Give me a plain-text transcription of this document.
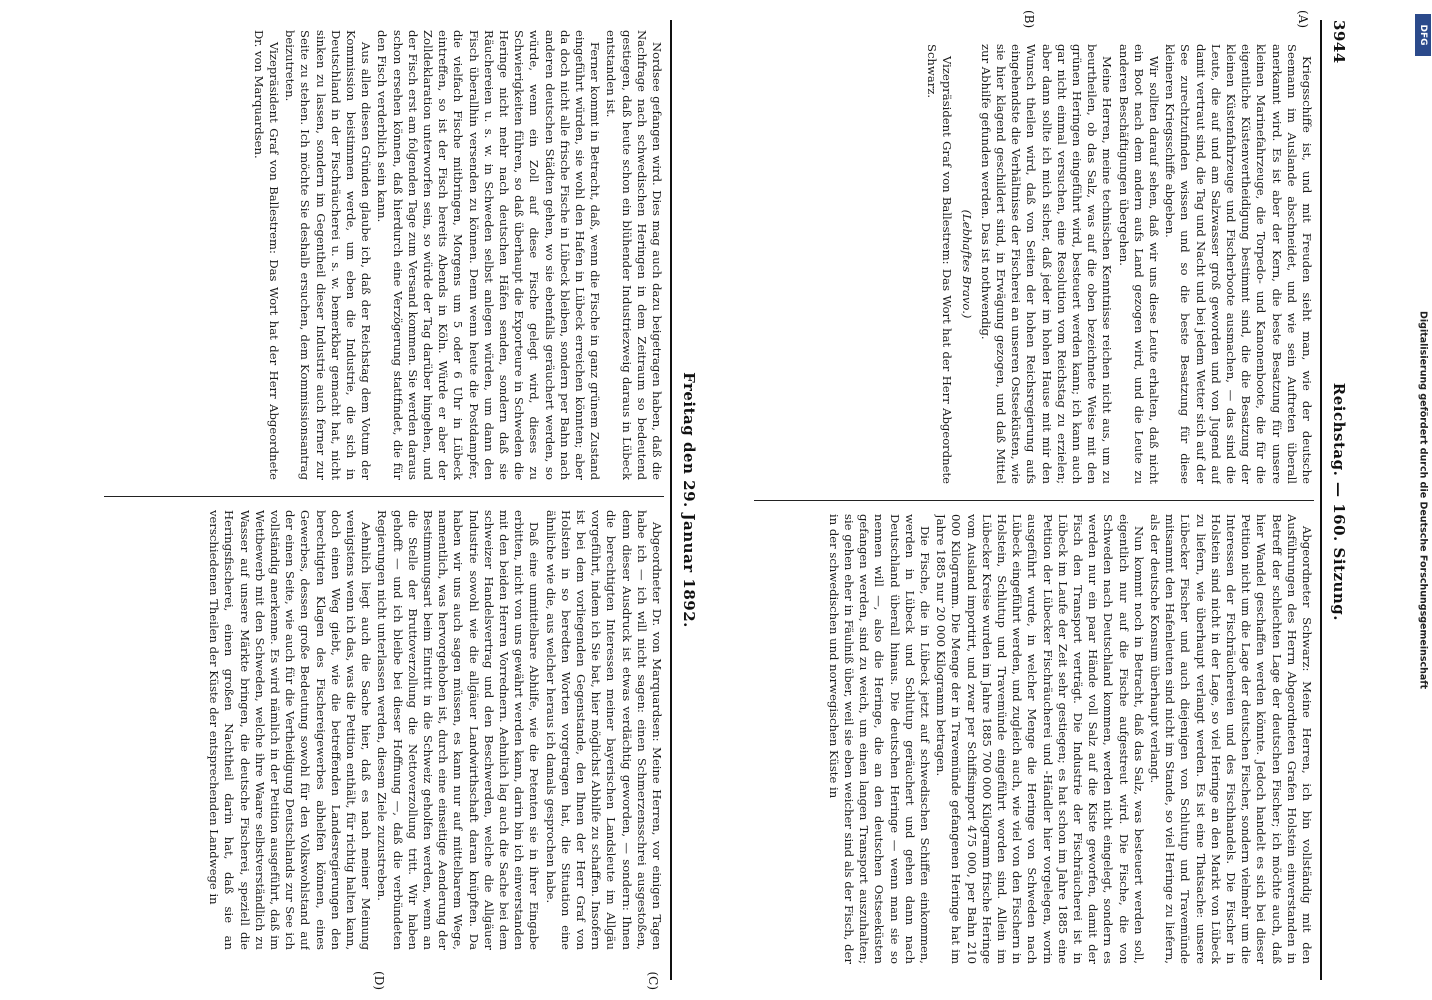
3944
Reichstag. — 160. Sitzung.
(A)
(B)

Kriegsschiffe ist, und mit Freuden sieht man, wie der deutsche Seemann im Auslande abschneidet, und wie sein Auftreten überall anerkannt wird. Es ist aber der Kern, die beste Besatzung für unsere kleinen Marinefahrzeuge, die Torpedo- und Kanonenboote, die für die eigentliche Küstenvertheidigung bestimmt sind, die die Besatzung der kleinen Küstenfahrzeuge und Fischerboote ausmachen, — das sind die Leute, die auf und am Salzwasser groß geworden und von Jugend auf damit vertraut sind, die Tag und Nacht und bei jedem Wetter sich auf der See zurechtzufinden wissen und so die beste Besatzung für diese kleineren Kriegsschiffe abgeben.

Wir sollten darauf sehen, daß wir uns diese Leute erhalten, daß nicht ein Boot nach dem andern aufs Land gezogen wird, und die Leute zu anderen Beschäftigungen übergehen.

Meine Herren, meine technischen Kenntnisse reichen nicht aus, um zu beurtheilen, ob das Salz, was auf die oben bezeichnete Weise mit den grünen Heringen eingeführt wird, besteuert werden kann; ich kann auch gar nicht einmal versuchen, eine Resolution vom Reichstag zu erzielen; aber dann sollte ich mich sicher, daß jeder im hohen Hause mit mir den Wunsch theilen wird, daß von Seiten der hohen Reichsregierung aufs eingehendste die Verhältnisse der Fischerei an unseren Ostseeküsten, wie sie hier klagend geschildert sind, in Erwägung gezogen, und daß Mittel zur Abhilfe gefunden werden. Das ist nothwendig.

(Lebhaftes Bravo.)

Vizepräsident Graf von Ballestrem: Das Wort hat der Herr Abgeordnete Schwarz.

Abgeordneter Schwarz: Meine Herren, ich bin vollständig mit den Ausführungen des Herrn Abgeordneten Grafen Holstein einverstanden in Betreff der schlechten Lage der deutschen Fischer; ich möchte auch, daß hier Wandel geschaffen werden könnte. Jedoch handelt es sich bei dieser Petition nicht um die Lage der deutschen Fischer, sondern vielmehr um die Interessen der Fischräuchereien und des Fischhandels. Die Fischer in Holstein sind nicht in der Lage, so viel Heringe an den Markt von Lübeck zu liefern, wie überhaupt verlangt werden. Es ist eine Thatsache: unsere Lübecker Fischer und auch diejenigen von Schlutup und Travemünde mitsammt den Hafenleuten sind nicht im Stande, so viel Heringe zu liefern, als der deutsche Konsum überhaupt verlangt.

Nun kommt noch in Betracht, daß das Salz, was besteuert werden soll, eigentlich nur auf die Fische aufgestreut wird. Die Fische, die von Schweden nach Deutschland kommen, werden nicht eingelegt, sondern es werden nur ein paar Hände voll Salz auf die Kiste geworfen, damit der Fisch den Transport verträgt. Die Industrie der Fischräucherei ist in Lübeck im Laufe der Zeit sehr gestiegen; es hat schon im Jahre 1885 eine Petition der Lübecker Fischräucherei und -Händler hier vorgelegen, worin ausgeführt wurde, in welcher Menge die Heringe von Schweden nach Lübeck eingeführt werden, und zugleich auch, wie viel von den Fischern in Holstein, Schlutup und Travemünde eingeführt worden sind. Allein im Lübecker Kreise wurden im Jahre 1885 700 000 Kilogramm frische Heringe vom Ausland importirt, und zwar per Schiffsimport 475 000, per Bahn 210 000 Kilogramm. Die Menge der in Travemünde gefangenen Heringe hat im Jahre 1885 nur 20 000 Kilogramm betragen.

Die Fische, die in Lübeck jetzt auf schwedischen Schiffen einkommen, werden in Lübeck und Schlutup geräuchert und gehen dann nach Deutschland überall hinaus. Die deutschen Heringe — wenn man sie so nennen will —, also die Heringe, die an den deutschen Ostseeküsten gefangen werden, sind zu weich, um einen langen Transport auszuhalten; sie gehen eher in Fäulniß über, weil sie eben weicher sind als der Fisch, der in der schwedischen und norwegischen Küste in

Freitag den 29. Januar 1892.
(C)
(D)

Nordsee gefangen wird. Dies mag auch dazu beigetragen haben, daß die Nachfrage nach schwedischen Heringen in dem Zeitraum so bedeutend gestiegen, daß heute schon ein blühender Industriezweig daraus in Lübeck entstanden ist.

Ferner kommt in Betracht, daß, wenn die Fische in ganz grünem Zustand eingeführt würden, sie wohl den Hafen in Lübeck erreichen könnten; aber da doch nicht alle frische Fische in Lübeck bleiben, sondern per Bahn nach anderen deutschen Städten gehen, wo sie ebenfalls geräuchert werden, so würde, wenn ein Zoll auf diese Fische gelegt wird, dieses zu Schwierigkeiten führen, so daß überhaupt die Exporteure in Schweden die Heringe nicht mehr nach deutschen Häfen senden, sondern daß sie Räuchereien u. s. w. in Schweden selbst anlegen würden, um dann den Fisch überallhin versenden zu können. Denn wenn heute die Postdampfer, die vielfach Fische mitbringen, Morgens um 5 oder 6 Uhr in Lübeck eintreffen, so ist der Fisch bereits Abends in Köln. Würde er aber der Zolldeklaration unterworfen sein, so würde der Tag darüber hingehen, und der Fisch erst am folgenden Tage zum Versand kommen. Sie werden daraus schon ersehen können, daß hierdurch eine Verzögerung stattfindet, die für den Fisch verderblich sein kann.

Aus allen diesen Gründen glaube ich, daß der Reichstag dem Votum der Kommission beistimmen werde, um eben die Industrie, die sich in Deutschland in der Fischräucherei u. s. w. bemerkbar gemacht hat, nicht sinken zu lassen, sondern im Gegentheil dieser Industrie auch ferner zur Seite zu stehen. Ich möchte Sie deshalb ersuchen, dem Kommissionsantrag beizutreten.

Vizepräsident Graf von Ballestrem: Das Wort hat der Herr Abgeordnete Dr. von Marquardsen.

Abgeordneter Dr. von Marquardsen: Meine Herren, vor einigen Tagen habe ich — ich will nicht sagen: einen Schmerzensschrei ausgestoßen, denn dieser Ausdruck ist etwas verdächtig geworden, — sondern: Ihnen die berechtigten Interessen meiner bayerischen Landsleute im Allgäu vorgeführt, indem ich Sie bat, hier möglichst Abhilfe zu schaffen. Insofern ist bei dem vorliegenden Gegenstande, den Ihnen der Herr Graf von Holstein in so beredten Worten vorgetragen hat, die Situation eine ähnliche wie die, aus welcher heraus ich damals gesprochen habe.

Daß eine unmittelbare Abhilfe, wie die Petenten sie in ihrer Eingabe erbitten, nicht von uns gewährt werden kann, darin bin ich einverstanden mit den beiden Herren Vorrednern. Aehnlich lag auch die Sache bei dem schweizer Handelsvertrag und den Beschwerden, welche die Allgäuer Industrie sowohl wie die allgäuer Landwirthschaft daran knüpften. Da haben wir uns auch sagen müssen, es kann nur auf mittelbarem Wege, namentlich, was hervorgehoben ist, durch eine einseitige Aenderung der Bestimmungsart beim Eintritt in die Schweiz geholfen werden, wenn an die Stelle der Bruttoverzollung die Nettoverzollung tritt. Wir haben gehofft — und ich bleibe bei dieser Hoffnung —, daß die verbündeten Regierungen nicht unterlassen werden, diesem Ziele zuzustreben.

Aehnlich liegt auch die Sache hier, daß es nach meiner Meinung wenigstens wenn ich das, was die Petition enthält, für richtig halten kann, doch einen Weg giebt, wie die betreffenden Landesregierungen den berechtigten Klagen des Fischereigewerbes abhelfen können, eines Gewerbes, dessen große Bedeutung sowohl für den Volkswohlstand auf der einen Seite, wie auch für die Vertheidigung Deutschlands zur See ich vollständig anerkenne. Es wird nämlich in der Petition ausgeführt, daß im Wettbewerb mit den Schweden, welche ihre Waare selbstverständlich zu Wasser auf unsere Märkte bringen, die deutsche Fischerei, speziell die Heringsfischerei, einen großen Nachtheil darin hat, daß sie an verschiedenen Theilen der Küste der entsprechenden Landwege in

DFG
Digitalisierung gefördert durch die Deutsche Forschungsgemeinschaft
